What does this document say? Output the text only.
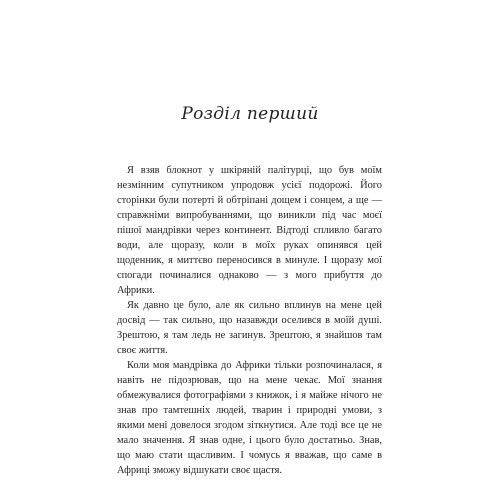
Розділ перший

Я взяв блокнот у шкіряній палітурці, що був моїм незмінним супутником упродовж усієї подорожі. Його сторінки були потерті й обтріпані дощем і сонцем, а ще — справжніми випробуваннями, що виникли під час моєї пішої мандрівки через континент. Відтоді спливло багато води, але щоразу, коли в моїх руках опинявся цей щоденник, я миттєво переносився в минуле. І щоразу мої спогади починалися однаково — з мого прибуття до Африки.

Як давно це було, але як сильно вплинув на мене цей досвід — так сильно, що назавжди оселився в моїй душі. Зрештою, я там ледь не загинув. Зрештою, я знайшов там своє життя.

Коли моя мандрівка до Африки тільки розпочиналася, я навіть не підозрював, що на мене чекає. Мої знання обмежувалися фотографіями з книжок, і я майже нічого не знав про тамтешніх людей, тварин і природні умови, з якими мені довелося згодом зіткнутися. Але тоді все це не мало значення. Я знав одне, і цього було достатньо. Знав, що маю стати щасливим. І чомусь я вважав, що саме в Африці зможу відшукати своє щастя.
